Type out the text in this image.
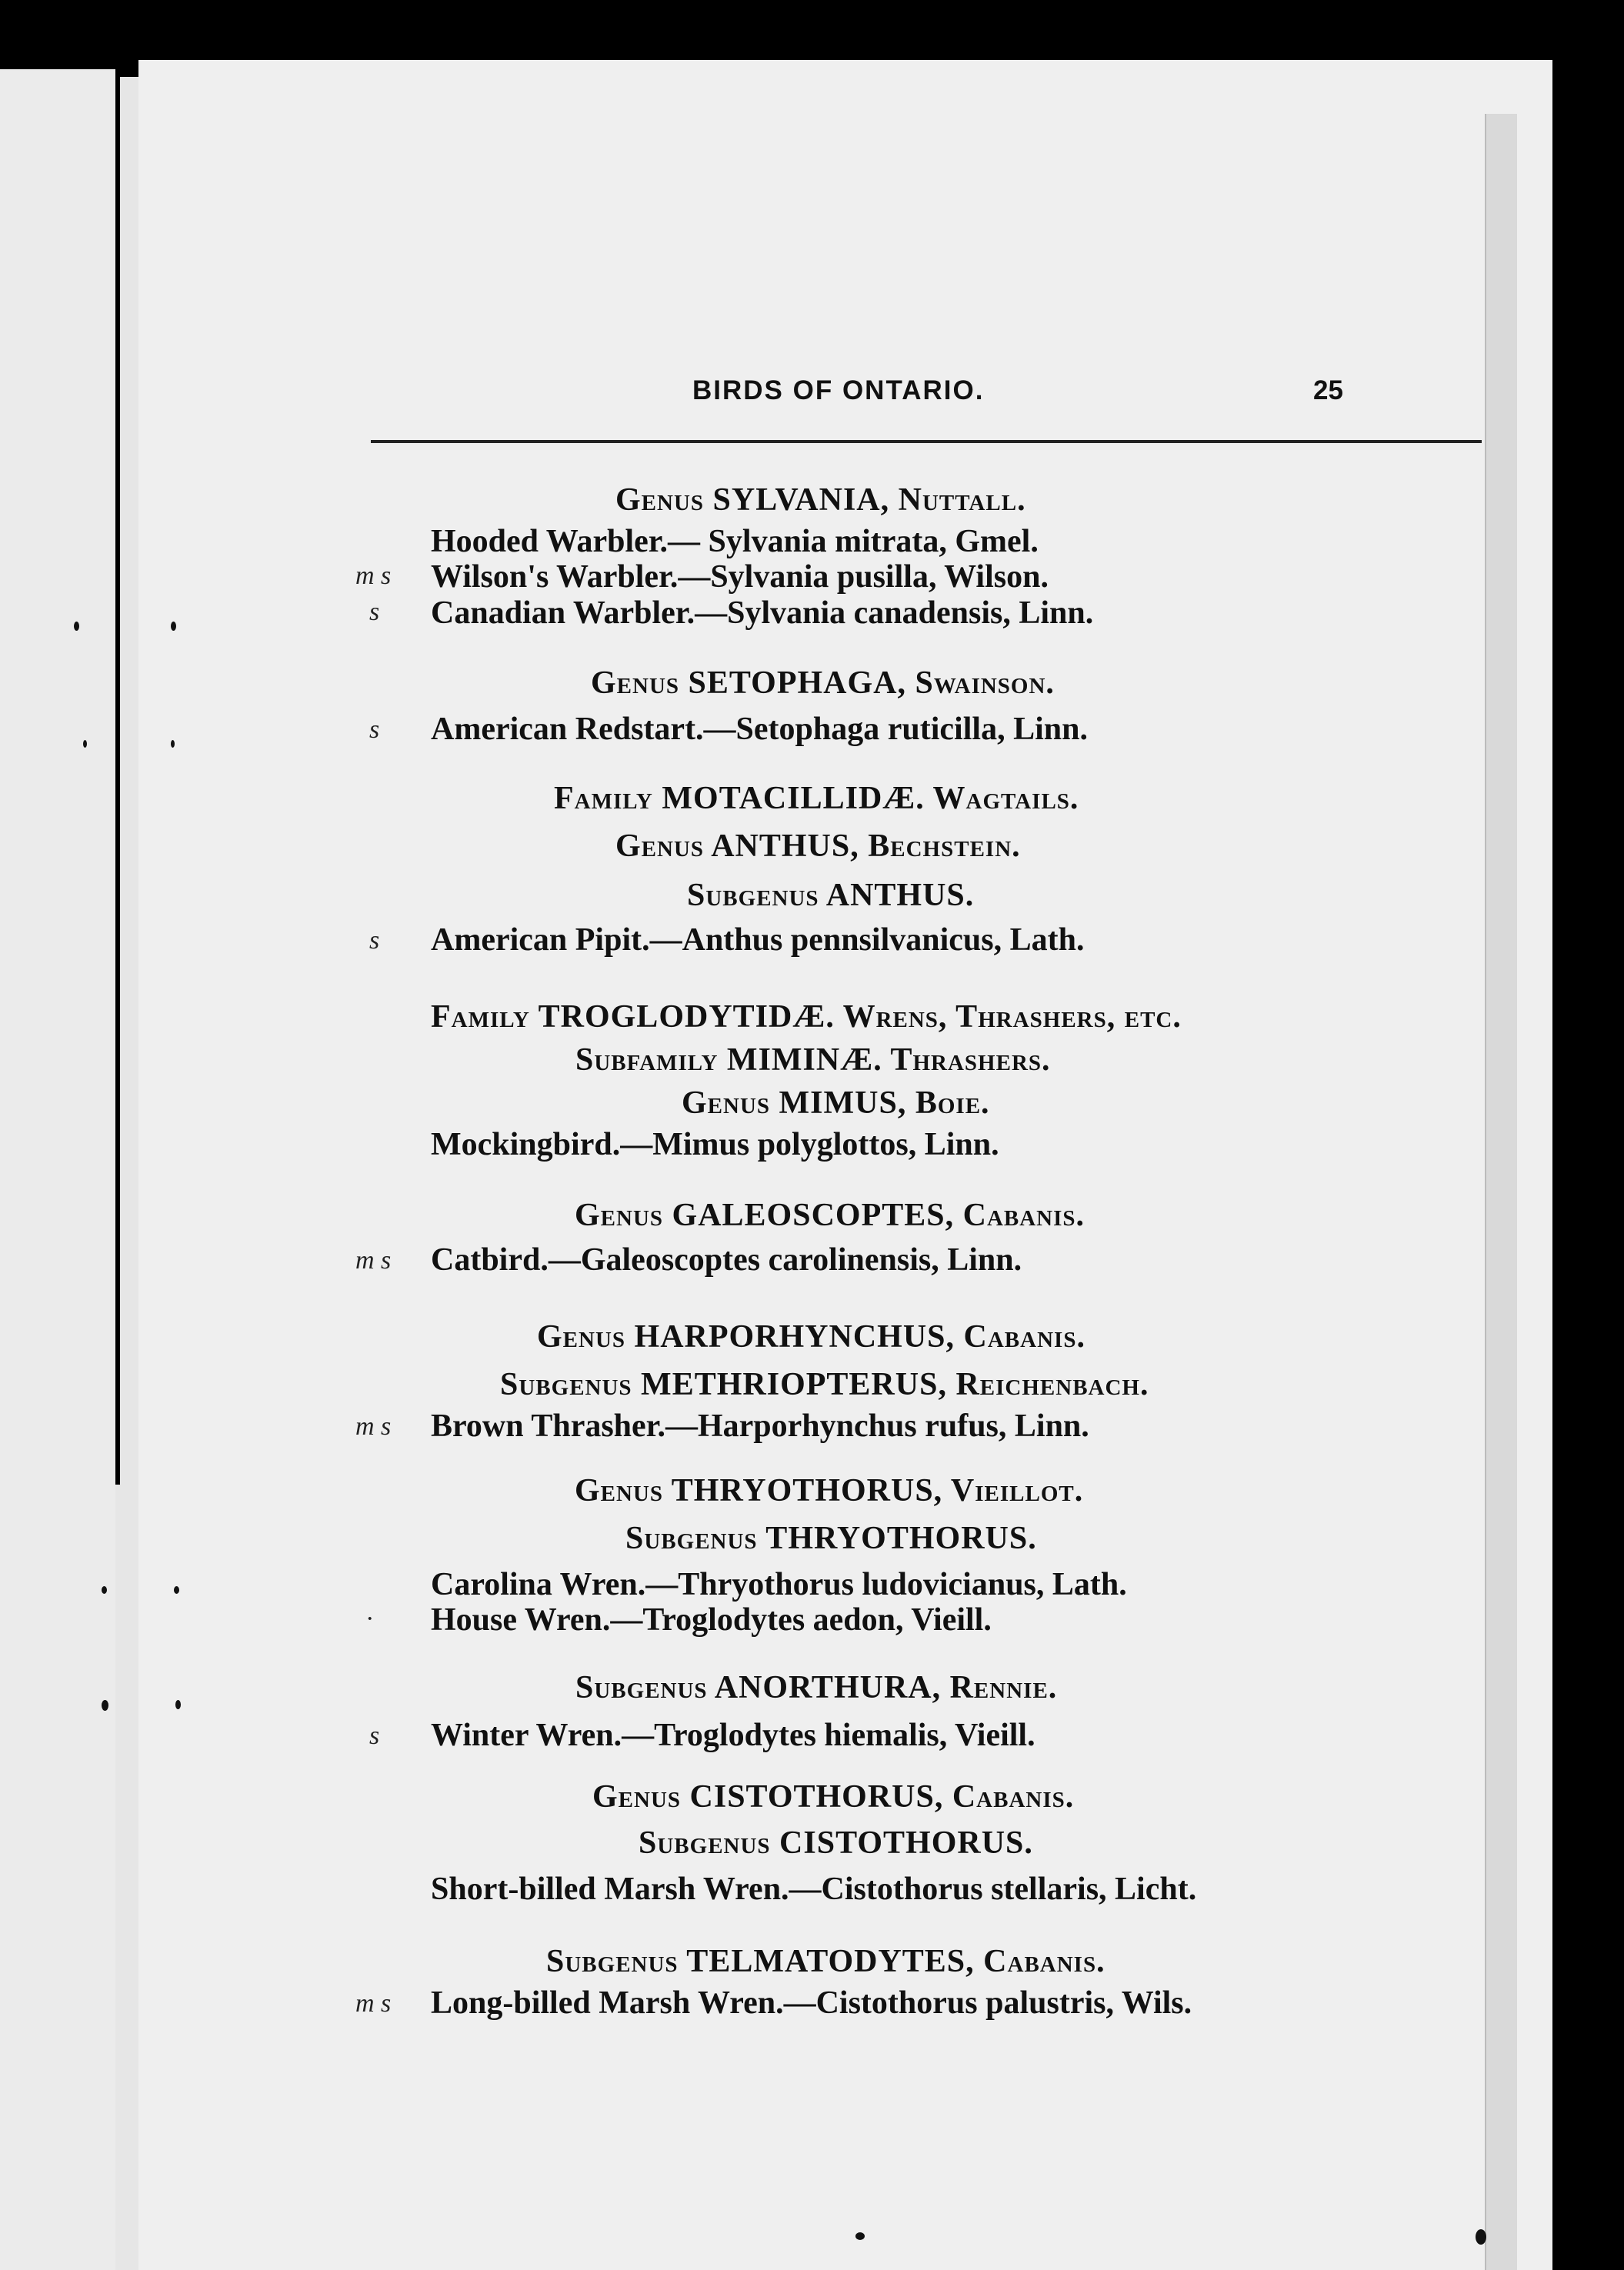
BIRDS OF ONTARIO.	25
Genus SYLVANIA, Nuttall.
Hooded Warbler.— Sylvania mitrata, Gmel.
m s Wilson's Warbler.—Sylvania pusilla, Wilson.
s Canadian Warbler.—Sylvania canadensis, Linn.
Genus SETOPHAGA, Swainson.
s American Redstart.—Setophaga ruticilla, Linn.
Family MOTACILLIDÆ. Wagtails.
Genus ANTHUS, Bechstein.
Subgenus ANTHUS.
s American Pipit.—Anthus pennsilvanicus, Lath.
Family TROGLODYTIDÆ. Wrens, Thrashers, etc.
Subfamily MIMINÆ. Thrashers.
Genus MIMUS, Boie.
Mockingbird.—Mimus polyglottos, Linn.
Genus GALEOSCOPTES, Cabanis.
m s Catbird.—Galeoscoptes carolinensis, Linn.
Genus HARPORHYNCHUS, Cabanis.
Subgenus METHRIOPTERUS, Reichenbach.
m s Brown Thrasher.—Harporhynchus rufus, Linn.
Genus THRYOTHORUS, Vieillot.
Subgenus THRYOTHORUS.
Carolina Wren.—Thryothorus ludovicianus, Lath.
· House Wren.—Troglodytes aedon, Vieill.
Subgenus ANORTHURA, Rennie.
s Winter Wren.—Troglodytes hiemalis, Vieill.
Genus CISTOTHORUS, Cabanis.
Subgenus CISTOTHORUS.
Short-billed Marsh Wren.—Cistothorus stellaris, Licht.
Subgenus TELMATODYTES, Cabanis.
m s Long-billed Marsh Wren.—Cistothorus palustris, Wils.
